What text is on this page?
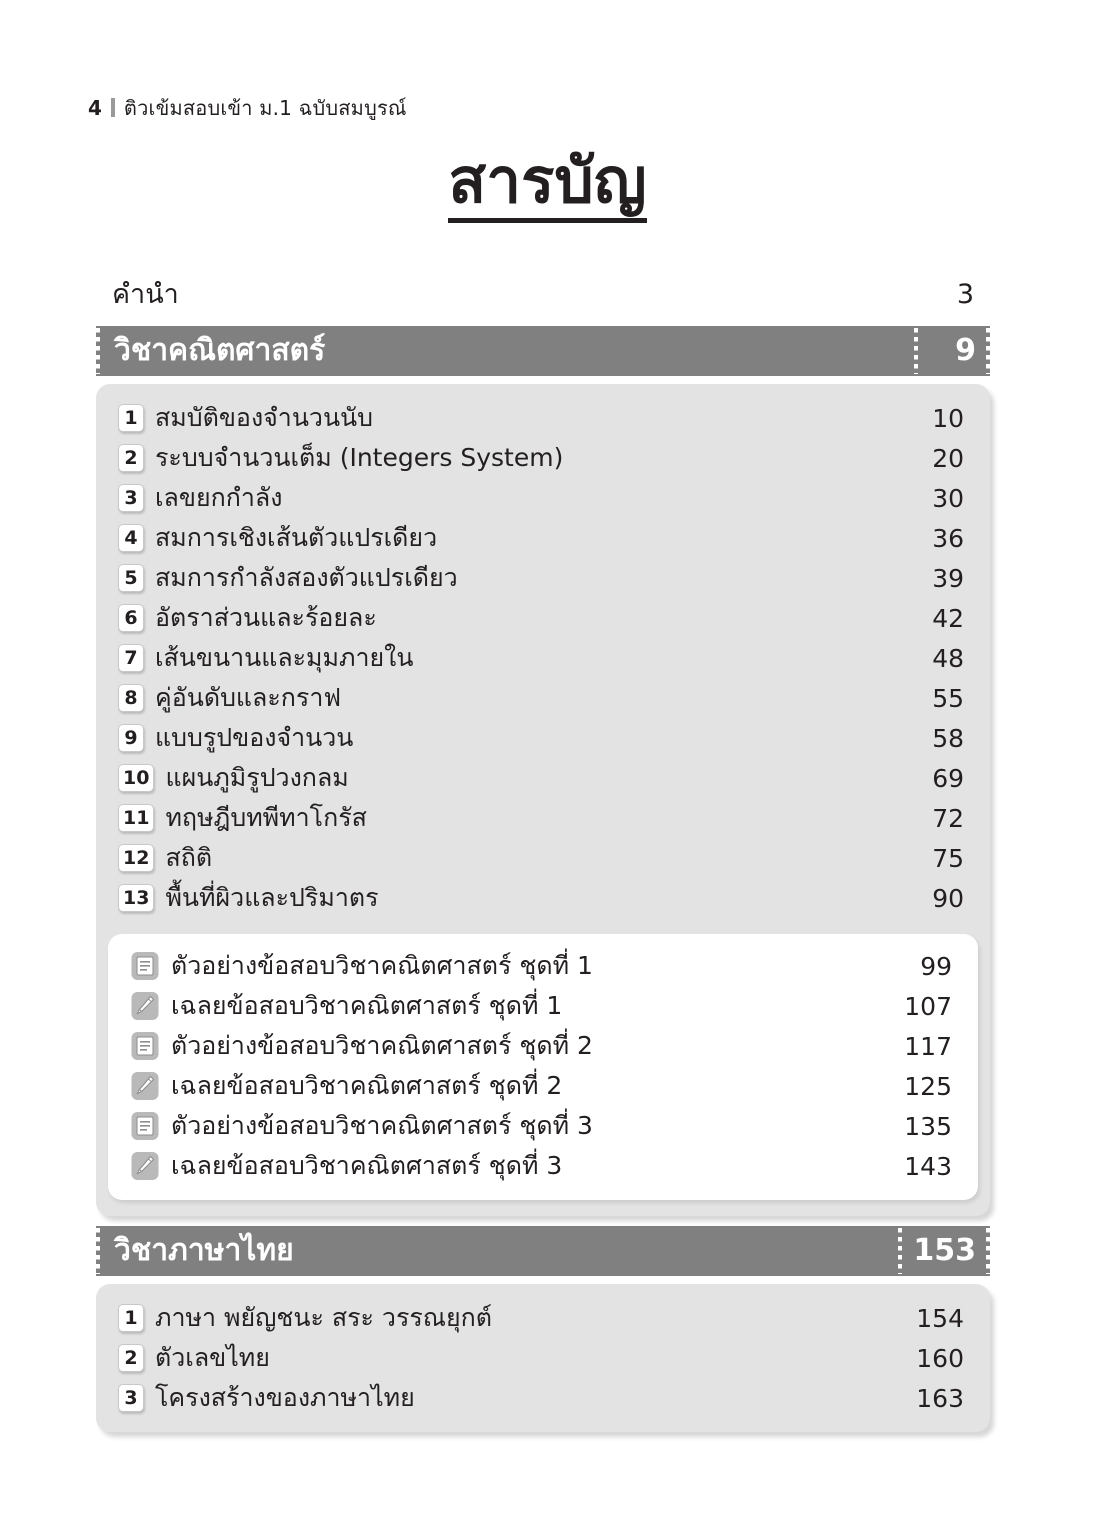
4 ติวเข้มสอบเข้า ม.1 ฉบับสมบูรณ์
สารบัญ
คำนำ	3
วิชาคณิตศาสตร์	9
1 สมบัติของจำนวนนับ	10
2 ระบบจำนวนเต็ม (Integers System)	20
3 เลขยกกำลัง	30
4 สมการเชิงเส้นตัวแปรเดียว	36
5 สมการกำลังสองตัวแปรเดียว	39
6 อัตราส่วนและร้อยละ	42
7 เส้นขนานและมุมภายใน	48
8 คู่อันดับและกราฟ	55
9 แบบรูปของจำนวน	58
10 แผนภูมิรูปวงกลม	69
11 ทฤษฎีบทพีทาโกรัส	72
12 สถิติ	75
13 พื้นที่ผิวและปริมาตร	90
ตัวอย่างข้อสอบวิชาคณิตศาสตร์ ชุดที่ 1	99
เฉลยข้อสอบวิชาคณิตศาสตร์ ชุดที่ 1	107
ตัวอย่างข้อสอบวิชาคณิตศาสตร์ ชุดที่ 2	117
เฉลยข้อสอบวิชาคณิตศาสตร์ ชุดที่ 2	125
ตัวอย่างข้อสอบวิชาคณิตศาสตร์ ชุดที่ 3	135
เฉลยข้อสอบวิชาคณิตศาสตร์ ชุดที่ 3	143
วิชาภาษาไทย	153
1 ภาษา พยัญชนะ สระ วรรณยุกต์	154
2 ตัวเลขไทย	160
3 โครงสร้างของภาษาไทย	163
